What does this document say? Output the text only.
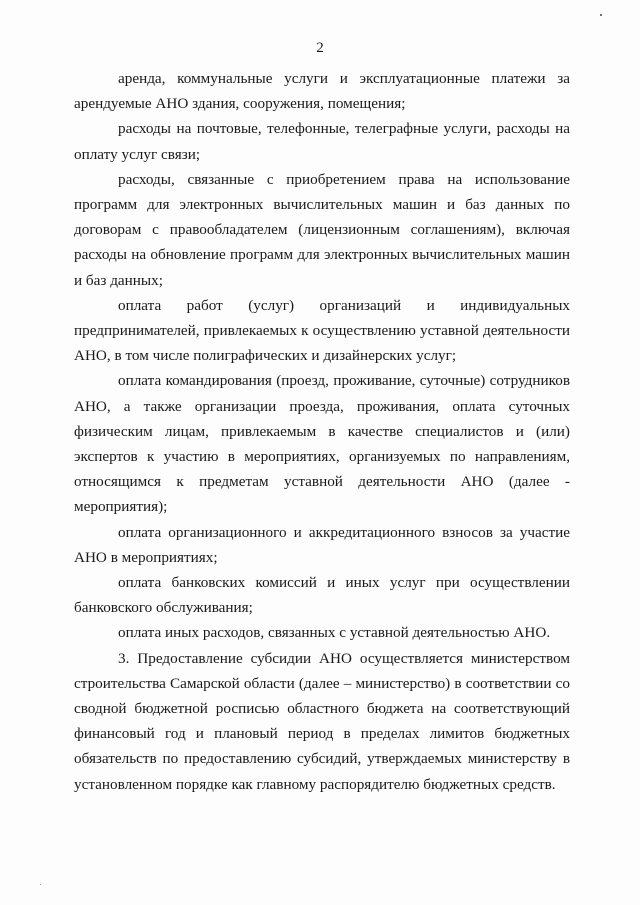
2

аренда, коммунальные услуги и эксплуатационные платежи за арендуемые АНО здания, сооружения, помещения;

расходы на почтовые, телефонные, телеграфные услуги, расходы на оплату услуг связи;

расходы, связанные с приобретением права на использование программ для электронных вычислительных машин и баз данных по договорам с правообладателем (лицензионным соглашениям), включая расходы на обновление программ для электронных вычислительных машин и баз данных;

оплата работ (услуг) организаций и индивидуальных предпринимателей, привлекаемых к осуществлению уставной деятельности АНО, в том числе полиграфических и дизайнерских услуг;

оплата командирования (проезд, проживание, суточные) сотрудников АНО, а также организации проезда, проживания, оплата суточных физическим лицам, привлекаемым в качестве специалистов и (или) экспертов к участию в мероприятиях, организуемых по направлениям, относящимся к предметам уставной деятельности АНО (далее - мероприятия);

оплата организационного и аккредитационного взносов за участие АНО в мероприятиях;

оплата банковских комиссий и иных услуг при осуществлении банковского обслуживания;

оплата иных расходов, связанных с уставной деятельностью АНО.

3. Предоставление субсидии АНО осуществляется министерством строительства Самарской области (далее – министерство) в соответствии со сводной бюджетной росписью областного бюджета на соответствующий финансовый год и плановый период в пределах лимитов бюджетных обязательств по предоставлению субсидий, утверждаемых министерству в установленном порядке как главному распорядителю бюджетных средств.
